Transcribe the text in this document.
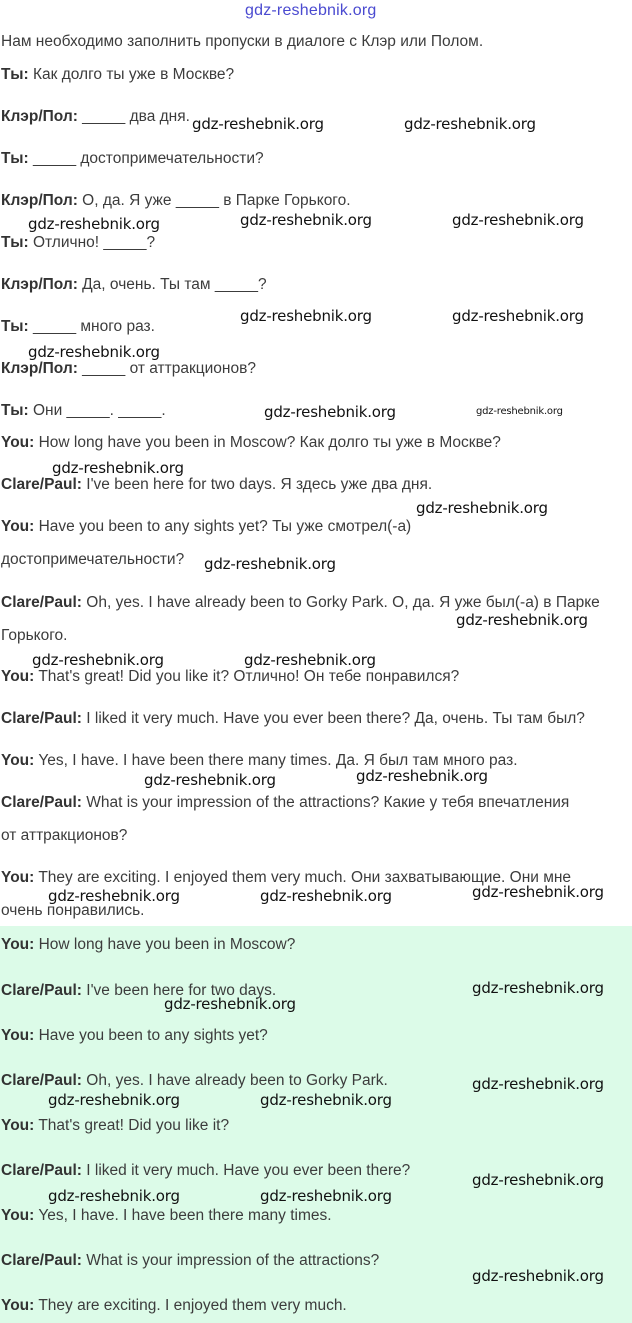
gdz-reshebnik.org
Нам необходимо заполнить пропуски в диалоге с Клэр или Полом.
Ты: Как долго ты уже в Москве?
Клэр/Пол: _____ два дня.
Ты: _____ достопримечательности?
Клэр/Пол: О, да. Я уже _____ в Парке Горького.
Ты: Отлично! _____?
Клэр/Пол: Да, очень. Ты там _____?
Ты: _____ много раз.
Клэр/Пол: _____ от аттракционов?
Ты: Они _____. _____.
You: How long have you been in Moscow? Как долго ты уже в Москве?
Clare/Paul: I've been here for two days. Я здесь уже два дня.
You: Have you been to any sights yet? Ты уже смотрел(-а)
достопримечательности?
Clare/Paul: Oh, yes. I have already been to Gorky Park. О, да. Я уже был(-а) в Парке
Горького.
You: That's great! Did you like it? Отлично! Он тебе понравился?
Clare/Paul: I liked it very much. Have you ever been there? Да, очень. Ты там был?
You: Yes, I have. I have been there many times. Да. Я был там много раз.
Clare/Paul: What is your impression of the attractions? Какие у тебя впечатления
от аттракционов?
You: They are exciting. I enjoyed them very much. Они захватывающие. Они мне
очень понравились.
You: How long have you been in Moscow?
Clare/Paul: I've been here for two days.
You: Have you been to any sights yet?
Clare/Paul: Oh, yes. I have already been to Gorky Park.
You: That's great! Did you like it?
Clare/Paul: I liked it very much. Have you ever been there?
You: Yes, I have. I have been there many times.
Clare/Paul: What is your impression of the attractions?
You: They are exciting. I enjoyed them very much.
gdz-reshebnik.org	gdz-reshebnik.org
gdz-reshebnik.org	gdz-reshebnik.org	gdz-reshebnik.org
gdz-reshebnik.org	gdz-reshebnik.org
gdz-reshebnik.org
gdz-reshebnik.org	gdz-reshebnik.org
gdz-reshebnik.org
gdz-reshebnik.org
gdz-reshebnik.org
gdz-reshebnik.org
gdz-reshebnik.org	gdz-reshebnik.org
gdz-reshebnik.org	gdz-reshebnik.org
gdz-reshebnik.org	gdz-reshebnik.org	gdz-reshebnik.org
gdz-reshebnik.org
gdz-reshebnik.org
gdz-reshebnik.org
gdz-reshebnik.org	gdz-reshebnik.org
gdz-reshebnik.org
gdz-reshebnik.org	gdz-reshebnik.org
gdz-reshebnik.org
